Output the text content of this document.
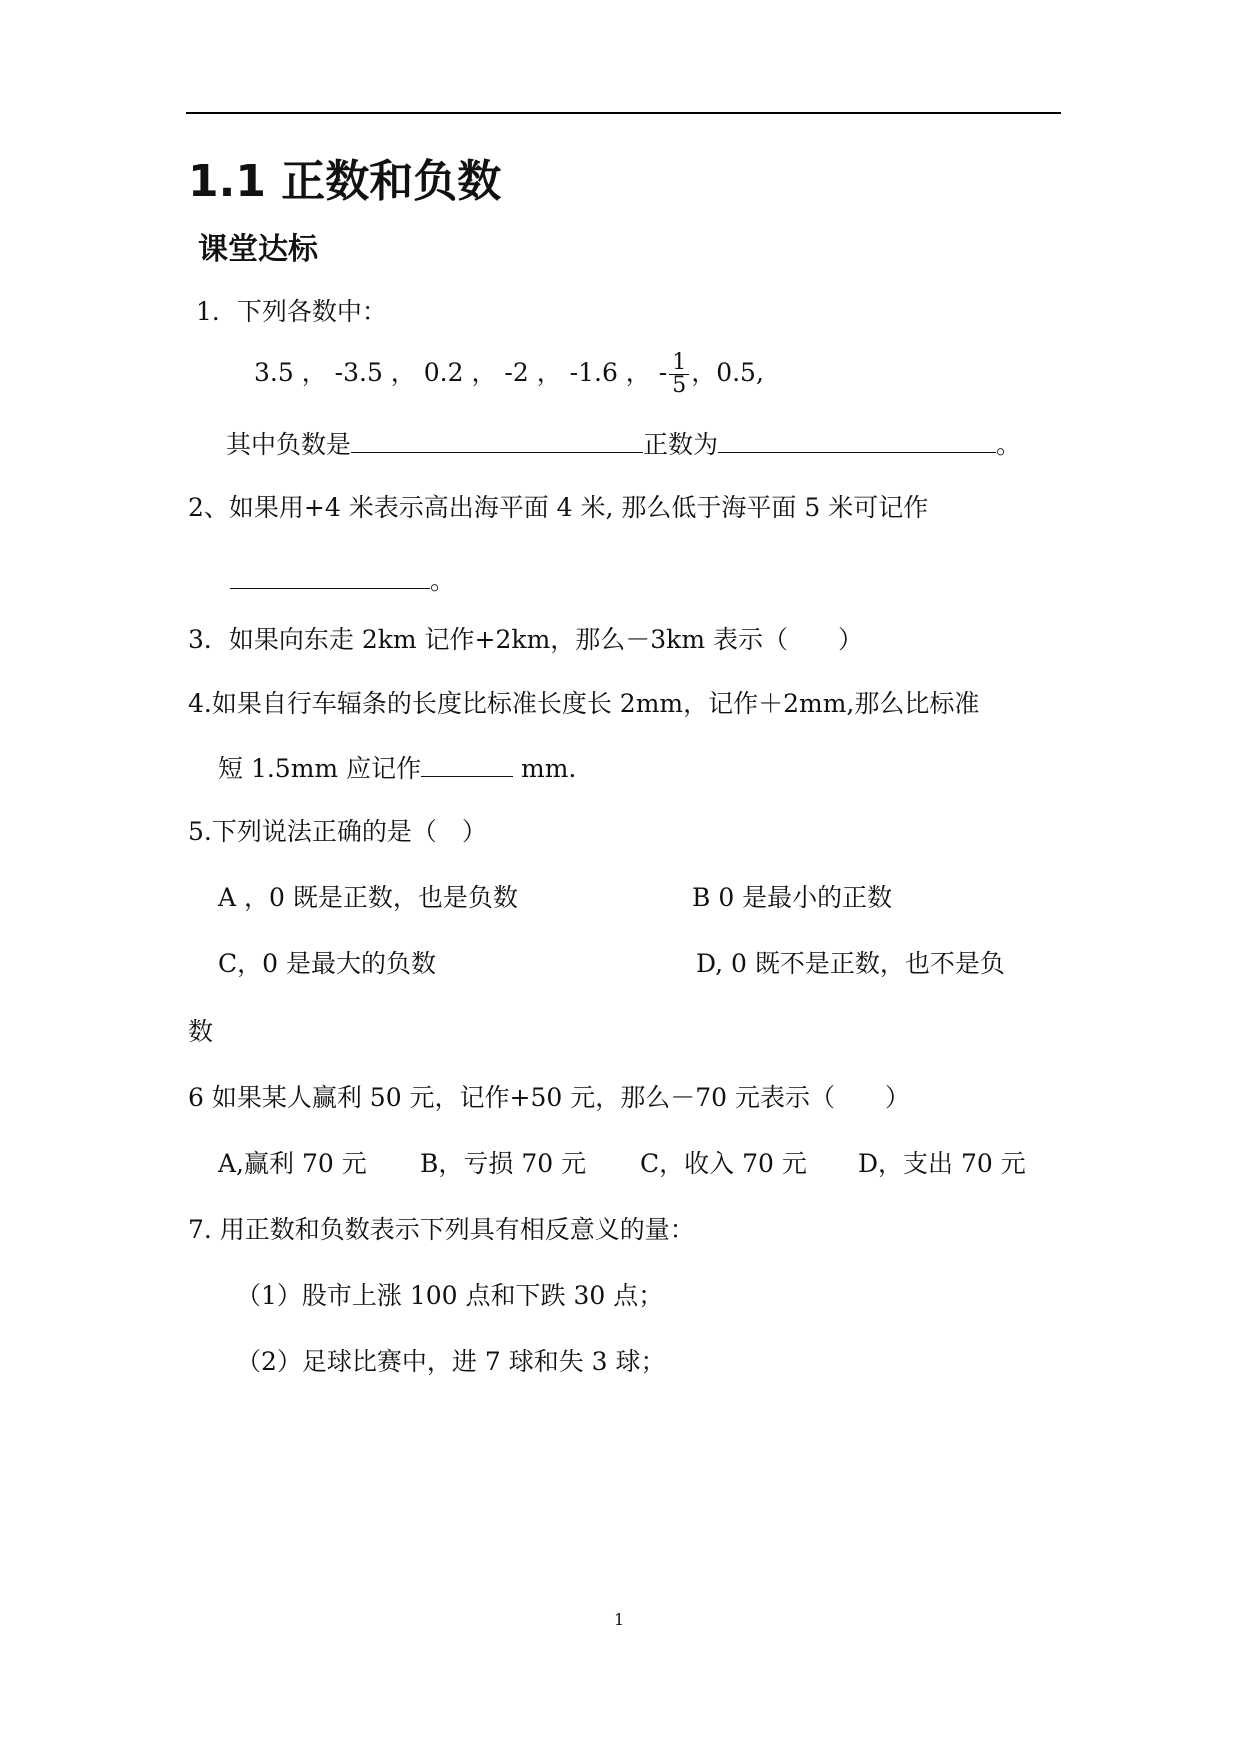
1.1 正数和负数
课堂达标
1．下列各数中：
3.5 ， -3.5 ， 0.2 ， -2 ， -1.6 ， - $\frac{1}{5}$ ，0.5,
其中负数是	正数为	。
2、如果用+4 米表示高出海平面 4 米, 那么低于海平面 5 米可记作
。
3．如果向东走 2km 记作+2km，那么－3km 表示（　　）
4.如果自行车辐条的长度比标准长度长 2mm，记作＋2mm,那么比标准
短 1.5mm 应记作	mm.
5.下列说法正确的是（　）
A ，0 既是正数，也是负数	B 0 是最小的正数
C，0 是最大的负数	D, 0 既不是正数，也不是负
数
6 如果某人赢利 50 元，记作+50 元，那么－70 元表示（　　）
A,赢利 70 元 B，亏损 70 元 C，收入 70 元 D，支出 70 元
7. 用正数和负数表示下列具有相反意义的量：
（1）股市上涨 100 点和下跌 30 点；
（2）足球比赛中，进 7 球和失 3 球；
1
